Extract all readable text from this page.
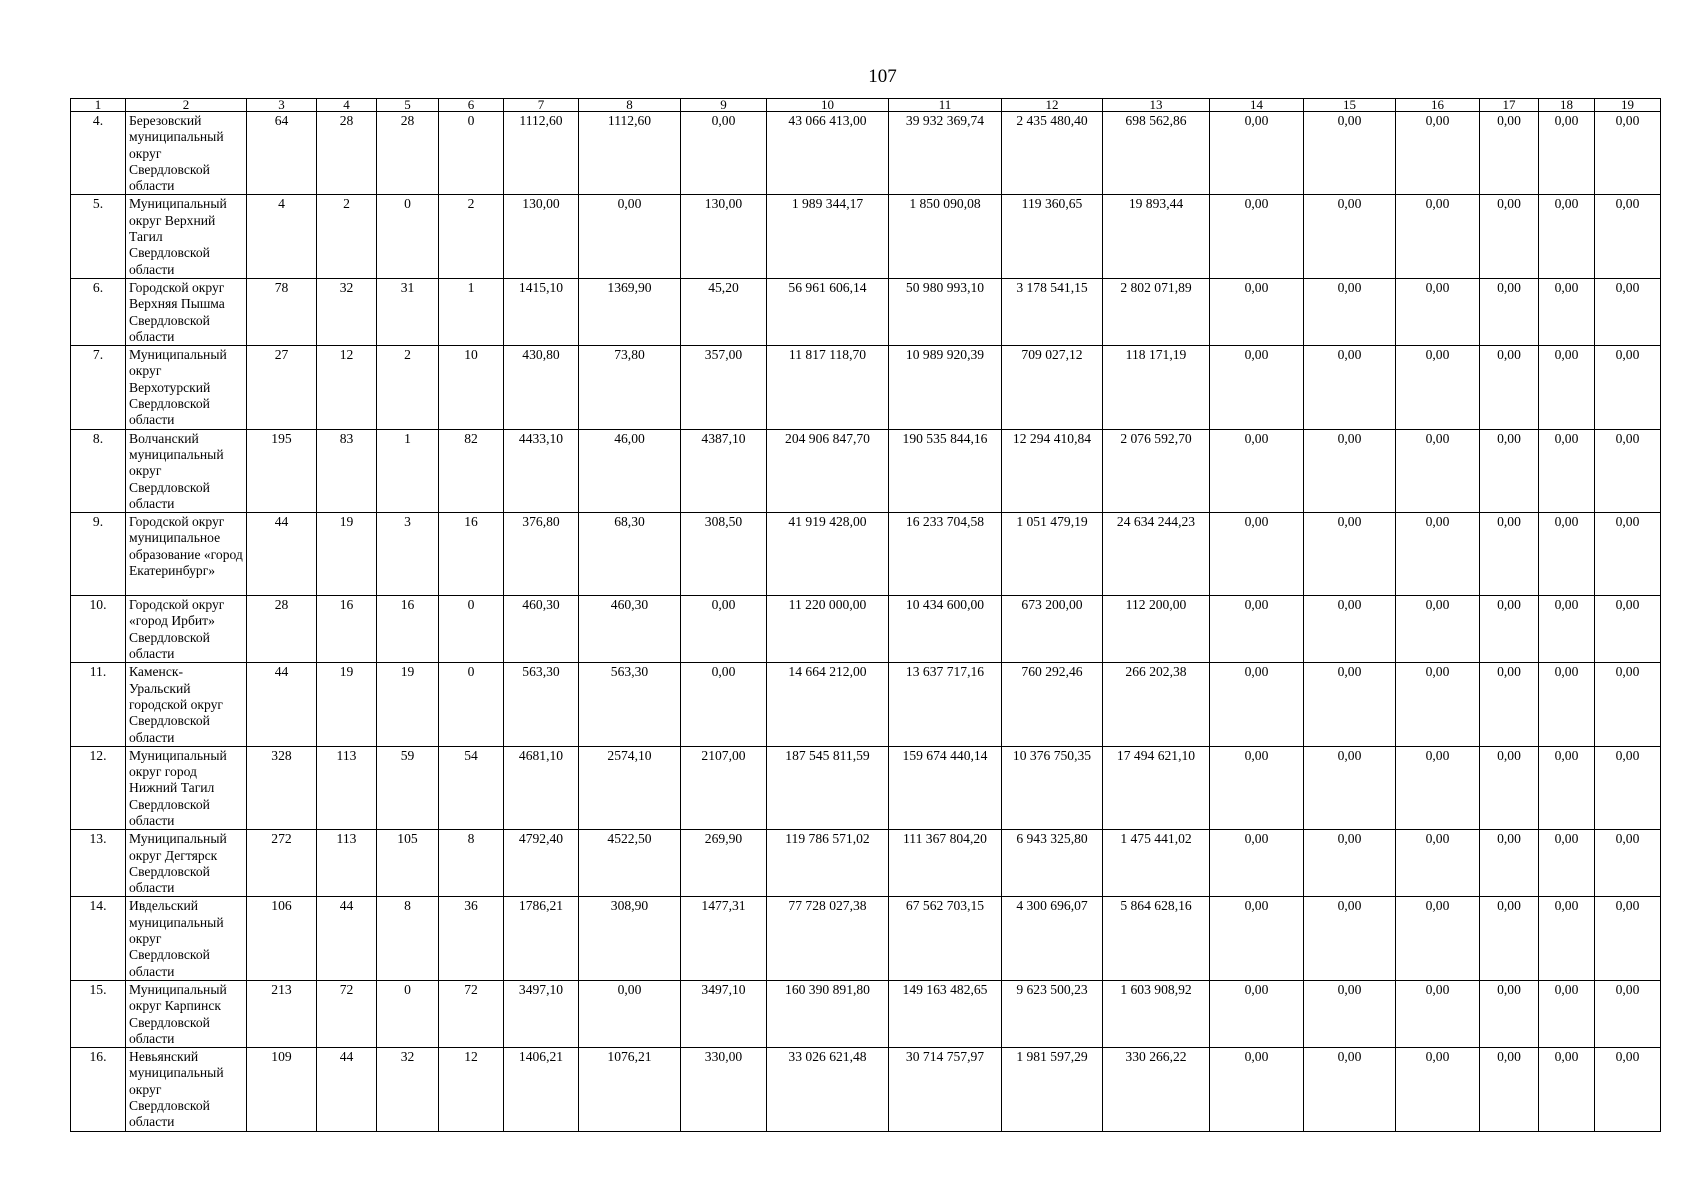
107
1	2	3	4	5	6	7	8	9	10	11	12	13	14	15	16	17	18	19
4.	Березовский муниципальный округ Свердловской области	64	28	28	0	1112,60	1112,60	0,00	43 066 413,00	39 932 369,74	2 435 480,40	698 562,86	0,00	0,00	0,00	0,00	0,00	0,00
5.	Муниципальный округ Верхний Тагил Свердловской области	4	2	0	2	130,00	0,00	130,00	1 989 344,17	1 850 090,08	119 360,65	19 893,44	0,00	0,00	0,00	0,00	0,00	0,00
6.	Городской округ Верхняя Пышма Свердловской области	78	32	31	1	1415,10	1369,90	45,20	56 961 606,14	50 980 993,10	3 178 541,15	2 802 071,89	0,00	0,00	0,00	0,00	0,00	0,00
7.	Муниципальный округ Верхотурский Свердловской области	27	12	2	10	430,80	73,80	357,00	11 817 118,70	10 989 920,39	709 027,12	118 171,19	0,00	0,00	0,00	0,00	0,00	0,00
8.	Волчанский муниципальный округ Свердловской области	195	83	1	82	4433,10	46,00	4387,10	204 906 847,70	190 535 844,16	12 294 410,84	2 076 592,70	0,00	0,00	0,00	0,00	0,00	0,00
9.	Городской округ муниципальное образование «город Екатеринбург»	44	19	3	16	376,80	68,30	308,50	41 919 428,00	16 233 704,58	1 051 479,19	24 634 244,23	0,00	0,00	0,00	0,00	0,00	0,00
10.	Городской округ «город Ирбит» Свердловской области	28	16	16	0	460,30	460,30	0,00	11 220 000,00	10 434 600,00	673 200,00	112 200,00	0,00	0,00	0,00	0,00	0,00	0,00
11.	Каменск-Уральский городской округ Свердловской области	44	19	19	0	563,30	563,30	0,00	14 664 212,00	13 637 717,16	760 292,46	266 202,38	0,00	0,00	0,00	0,00	0,00	0,00
12.	Муниципальный округ город Нижний Тагил Свердловской области	328	113	59	54	4681,10	2574,10	2107,00	187 545 811,59	159 674 440,14	10 376 750,35	17 494 621,10	0,00	0,00	0,00	0,00	0,00	0,00
13.	Муниципальный округ Дегтярск Свердловской области	272	113	105	8	4792,40	4522,50	269,90	119 786 571,02	111 367 804,20	6 943 325,80	1 475 441,02	0,00	0,00	0,00	0,00	0,00	0,00
14.	Ивдельский муниципальный округ Свердловской области	106	44	8	36	1786,21	308,90	1477,31	77 728 027,38	67 562 703,15	4 300 696,07	5 864 628,16	0,00	0,00	0,00	0,00	0,00	0,00
15.	Муниципальный округ Карпинск Свердловской области	213	72	0	72	3497,10	0,00	3497,10	160 390 891,80	149 163 482,65	9 623 500,23	1 603 908,92	0,00	0,00	0,00	0,00	0,00	0,00
16.	Невьянский муниципальный округ Свердловской области	109	44	32	12	1406,21	1076,21	330,00	33 026 621,48	30 714 757,97	1 981 597,29	330 266,22	0,00	0,00	0,00	0,00	0,00	0,00
